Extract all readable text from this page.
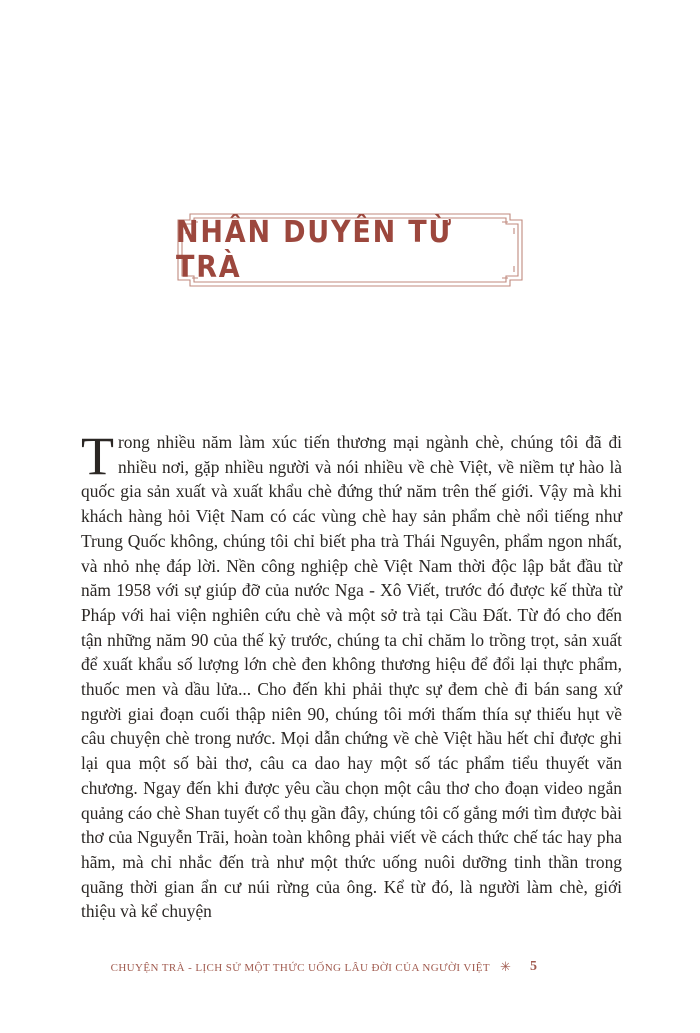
NHÂN DUYÊN TỪ TRÀ

Trong nhiều năm làm xúc tiến thương mại ngành chè, chúng tôi đã đi nhiều nơi, gặp nhiều người và nói nhiều về chè Việt, về niềm tự hào là quốc gia sản xuất và xuất khẩu chè đứng thứ năm trên thế giới. Vậy mà khi khách hàng hỏi Việt Nam có các vùng chè hay sản phẩm chè nổi tiếng như Trung Quốc không, chúng tôi chỉ biết pha trà Thái Nguyên, phẩm ngon nhất, và nhỏ nhẹ đáp lời. Nền công nghiệp chè Việt Nam thời độc lập bắt đầu từ năm 1958 với sự giúp đỡ của nước Nga - Xô Viết, trước đó được kế thừa từ Pháp với hai viện nghiên cứu chè và một sở trà tại Cầu Đất. Từ đó cho đến tận những năm 90 của thế kỷ trước, chúng ta chỉ chăm lo trồng trọt, sản xuất để xuất khẩu số lượng lớn chè đen không thương hiệu để đổi lại thực phẩm, thuốc men và dầu lửa... Cho đến khi phải thực sự đem chè đi bán sang xứ người giai đoạn cuối thập niên 90, chúng tôi mới thấm thía sự thiếu hụt về câu chuyện chè trong nước. Mọi dẫn chứng về chè Việt hầu hết chỉ được ghi lại qua một số bài thơ, câu ca dao hay một số tác phẩm tiểu thuyết văn chương. Ngay đến khi được yêu cầu chọn một câu thơ cho đoạn video ngắn quảng cáo chè Shan tuyết cổ thụ gần đây, chúng tôi cố gắng mới tìm được bài thơ của Nguyễn Trãi, hoàn toàn không phải viết về cách thức chế tác hay pha hãm, mà chỉ nhắc đến trà như một thức uống nuôi dưỡng tinh thần trong quãng thời gian ẩn cư núi rừng của ông. Kể từ đó, là người làm chè, giới thiệu và kể chuyện

CHUYỆN TRÀ - LỊCH SỬ MỘT THỨC UỐNG LÂU ĐỜI CỦA NGƯỜI VIỆT ✳ 5
